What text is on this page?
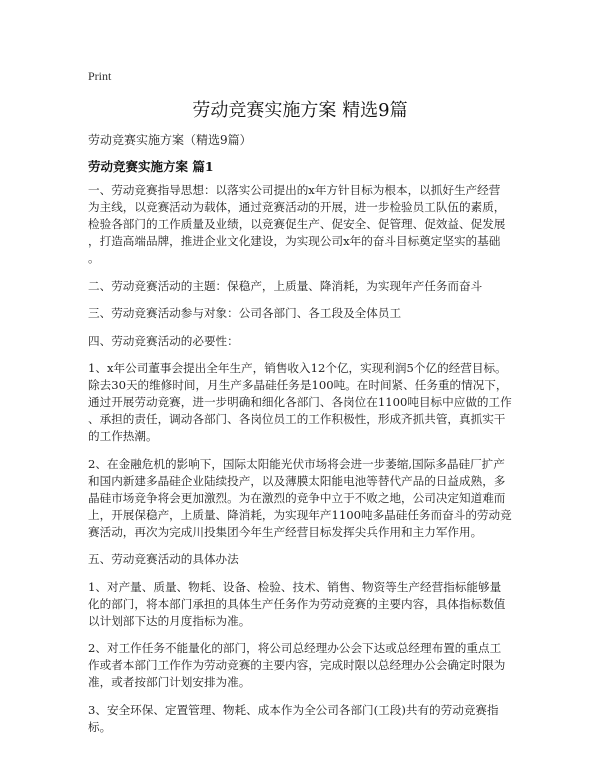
Print
劳动竞赛实施方案 精选9篇
劳动竞赛实施方案（精选9篇）
劳动竞赛实施方案 篇1
一、劳动竞赛指导思想：以落实公司提出的x年方针目标为根本，以抓好生产经营
为主线，以竞赛活动为载体，通过竞赛活动的开展，进一步检验员工队伍的素质，
检验各部门的工作质量及业绩，以竞赛促生产、促安全、促管理、促效益、促发展
，打造高端品牌，推进企业文化建设，为实现公司x年的奋斗目标奠定坚实的基础
。
二、劳动竞赛活动的主题：保稳产，上质量、降消耗，为实现年产任务而奋斗
三、劳动竞赛活动参与对象：公司各部门、各工段及全体员工
四、劳动竞赛活动的必要性：
1、x年公司董事会提出全年生产，销售收入12个亿，实现利润5个亿的经营目标。
除去30天的维修时间，月生产多晶硅任务是100吨。在时间紧、任务重的情况下，
通过开展劳动竞赛，进一步明确和细化各部门、各岗位在1100吨目标中应做的工作
、承担的责任，调动各部门、各岗位员工的工作积极性，形成齐抓共管，真抓实干
的工作热潮。
2、在金融危机的影响下，国际太阳能光伏市场将会进一步萎缩,国际多晶硅厂扩产
和国内新建多晶硅企业陆续投产，以及薄膜太阳能电池等替代产品的日益成熟，多
晶硅市场竞争将会更加激烈。为在激烈的竞争中立于不败之地，公司决定知道难而
上，开展保稳产，上质量、降消耗，为实现年产1100吨多晶硅任务而奋斗的劳动竞
赛活动，再次为完成川投集团今年生产经营目标发挥尖兵作用和主力军作用。
五、劳动竞赛活动的具体办法
1、对产量、质量、物耗、设备、检验、技术、销售、物资等生产经营指标能够量
化的部门，将本部门承担的具体生产任务作为劳动竞赛的主要内容，具体指标数值
以计划部下达的月度指标为准。
2、对工作任务不能量化的部门，将公司总经理办公会下达或总经理布置的重点工
作或者本部门工作作为劳动竞赛的主要内容，完成时限以总经理办公会确定时限为
准，或者按部门计划安排为准。
3、安全环保、定置管理、物耗、成本作为全公司各部门(工段)共有的劳动竞赛指
标。
